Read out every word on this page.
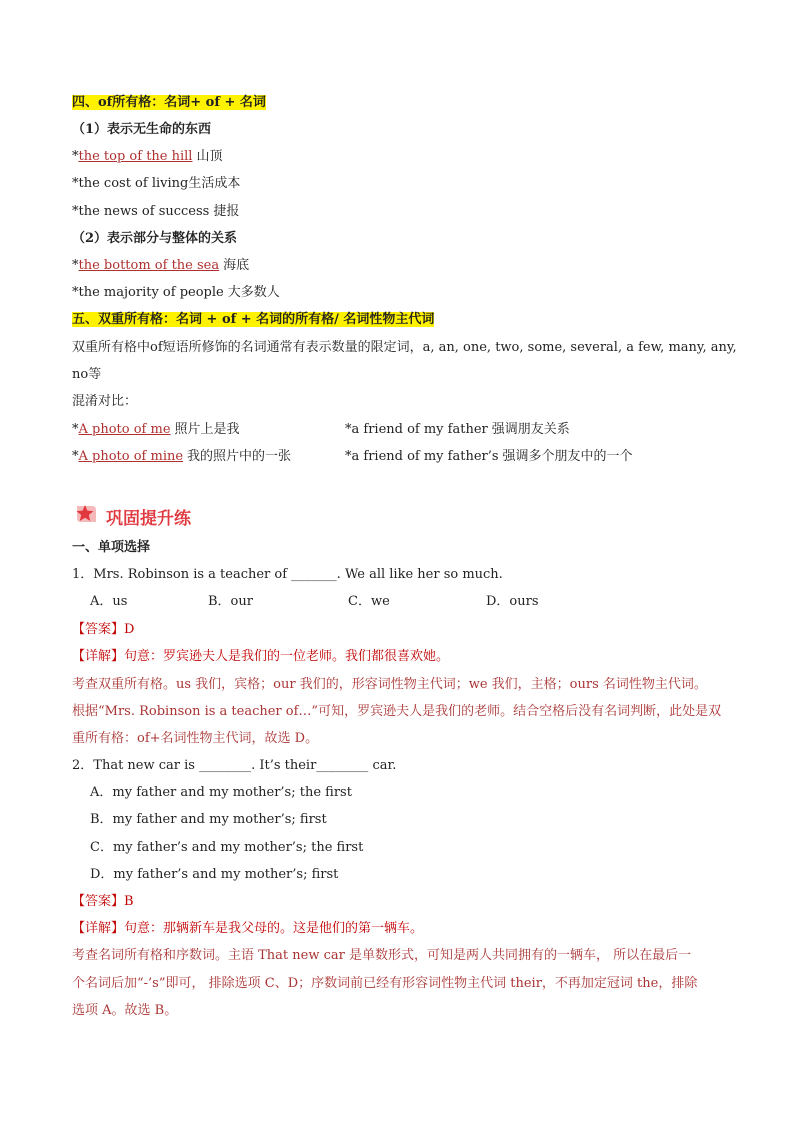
四、of所有格：名词+ of + 名词
（1）表示无生命的东西
*the top of the hill 山顶
*the cost of living生活成本
*the news of success 捷报
（2）表示部分与整体的关系
*the bottom of the sea 海底
*the majority of people 大多数人
五、双重所有格：名词 + of + 名词的所有格/ 名词性物主代词
双重所有格中of短语所修饰的名词通常有表示数量的限定词，a, an, one, two, some, several, a few, many, any,
no等
混淆对比：
*A photo of me 照片上是我	*a friend of my father 强调朋友关系
*A photo of mine 我的照片中的一张	*a friend of my father’s 强调多个朋友中的一个
巩固提升练
一、单项选择
1．Mrs. Robinson is a teacher of _______. We all like her so much.
A．us	B．our	C．we	D．ours
【答案】D
【详解】句意：罗宾逊夫人是我们的一位老师。我们都很喜欢她。
考查双重所有格。us 我们，宾格；our 我们的，形容词性物主代词；we 我们，主格；ours 名词性物主代词。
根据“Mrs. Robinson is a teacher of…”可知，罗宾逊夫人是我们的老师。结合空格后没有名词判断，此处是双
重所有格：of+名词性物主代词，故选 D。
2．That new car is ________. It’s their________ car.
A．my father and my mother’s; the first
B．my father and my mother’s; first
C．my father’s and my mother’s; the first
D．my father’s and my mother’s; first
【答案】B
【详解】句意：那辆新车是我父母的。这是他们的第一辆车。
考查名词所有格和序数词。主语 That new car 是单数形式，可知是两人共同拥有的一辆车， 所以在最后一
个名词后加“-’s”即可， 排除选项 C、D；序数词前已经有形容词性物主代词 their，不再加定冠词 the，排除
选项 A。故选 B。
